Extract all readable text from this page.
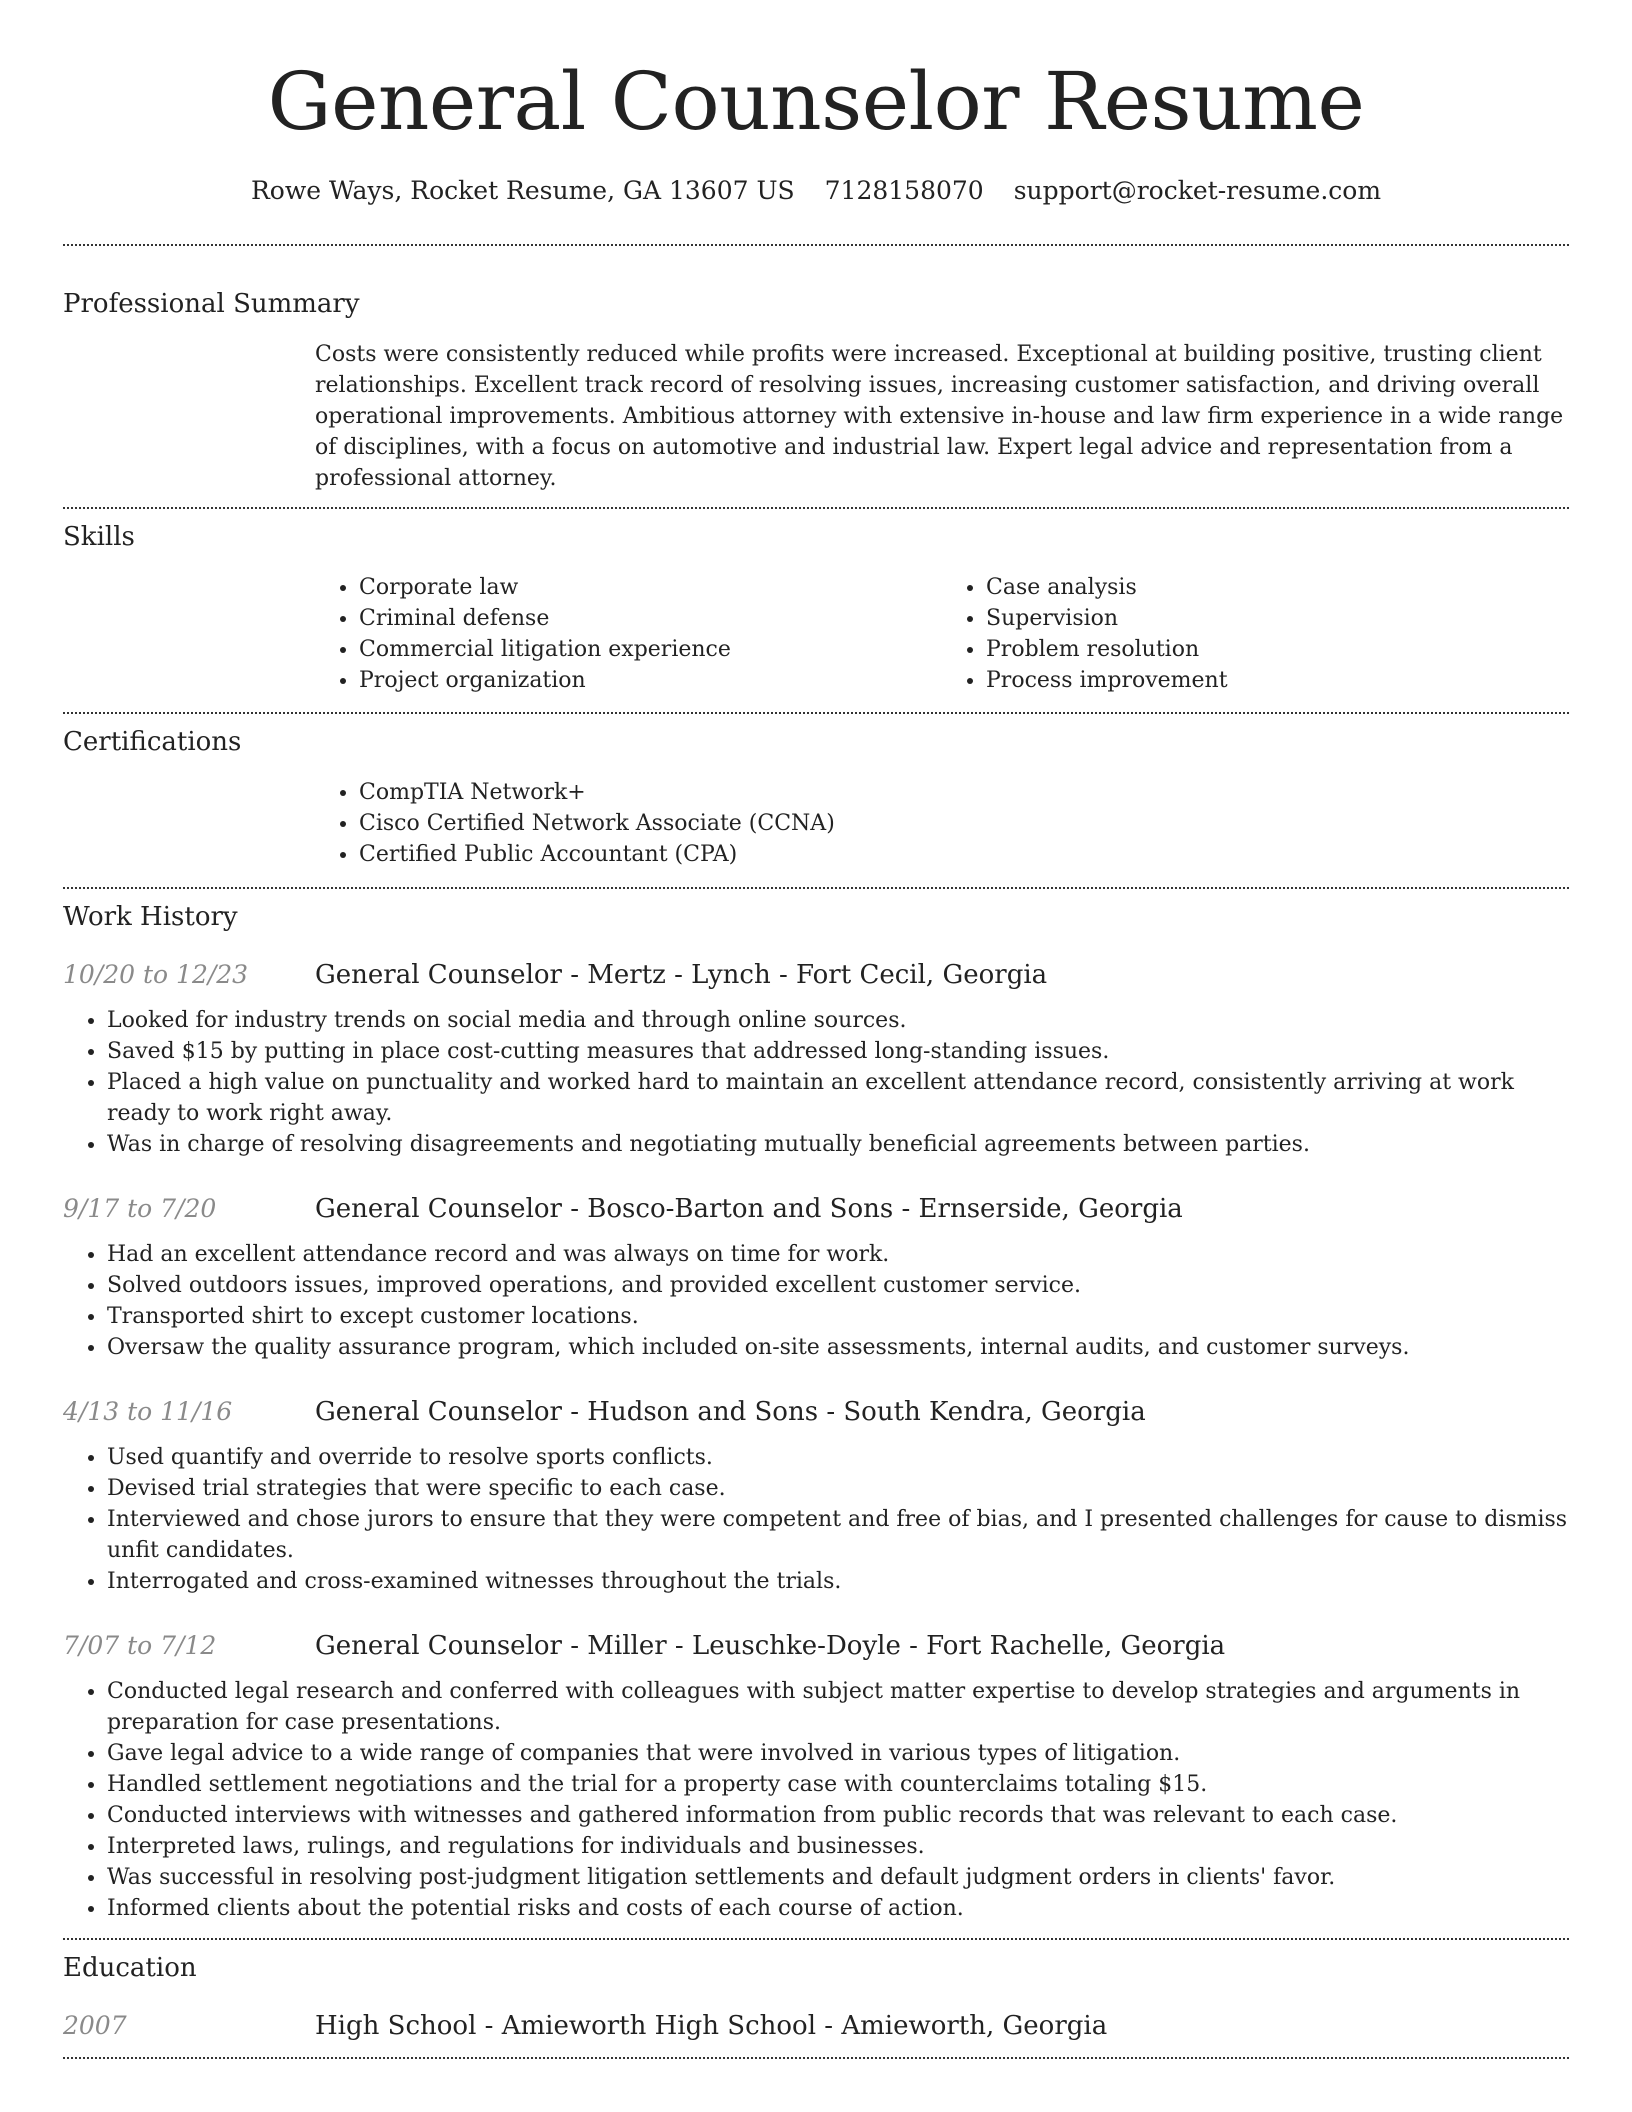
General Counselor Resume
Rowe Ways, Rocket Resume, GA 13607 US 7128158070 support@rocket-resume.com
Professional Summary

Costs were consistently reduced while profits were increased. Exceptional at building positive, trusting client relationships. Excellent track record of resolving issues, increasing customer satisfaction, and driving overall operational improvements. Ambitious attorney with extensive in-house and law firm experience in a wide range of disciplines, with a focus on automotive and industrial law. Expert legal advice and representation from a professional attorney.

Skills
• Corporate law
• Criminal defense
• Commercial litigation experience
• Project organization
• Case analysis
• Supervision
• Problem resolution
• Process improvement
Certifications
• CompTIA Network+
• Cisco Certified Network Associate (CCNA)
• Certified Public Accountant (CPA)
Work History
10/20 to 12/23	General Counselor - Mertz - Lynch - Fort Cecil, Georgia
• Looked for industry trends on social media and through online sources.
• Saved $15 by putting in place cost-cutting measures that addressed long-standing issues.
• Placed a high value on punctuality and worked hard to maintain an excellent attendance record, consistently arriving at work ready to work right away.
• Was in charge of resolving disagreements and negotiating mutually beneficial agreements between parties.
9/17 to 7/20	General Counselor - Bosco-Barton and Sons - Ernserside, Georgia
• Had an excellent attendance record and was always on time for work.
• Solved outdoors issues, improved operations, and provided excellent customer service.
• Transported shirt to except customer locations.
• Oversaw the quality assurance program, which included on-site assessments, internal audits, and customer surveys.
4/13 to 11/16	General Counselor - Hudson and Sons - South Kendra, Georgia
• Used quantify and override to resolve sports conflicts.
• Devised trial strategies that were specific to each case.
• Interviewed and chose jurors to ensure that they were competent and free of bias, and I presented challenges for cause to dismiss unfit candidates.
• Interrogated and cross-examined witnesses throughout the trials.
7/07 to 7/12	General Counselor - Miller - Leuschke-Doyle - Fort Rachelle, Georgia
• Conducted legal research and conferred with colleagues with subject matter expertise to develop strategies and arguments in preparation for case presentations.
• Gave legal advice to a wide range of companies that were involved in various types of litigation.
• Handled settlement negotiations and the trial for a property case with counterclaims totaling $15.
• Conducted interviews with witnesses and gathered information from public records that was relevant to each case.
• Interpreted laws, rulings, and regulations for individuals and businesses.
• Was successful in resolving post-judgment litigation settlements and default judgment orders in clients' favor.
• Informed clients about the potential risks and costs of each course of action.
Education
2007	High School - Amieworth High School - Amieworth, Georgia
